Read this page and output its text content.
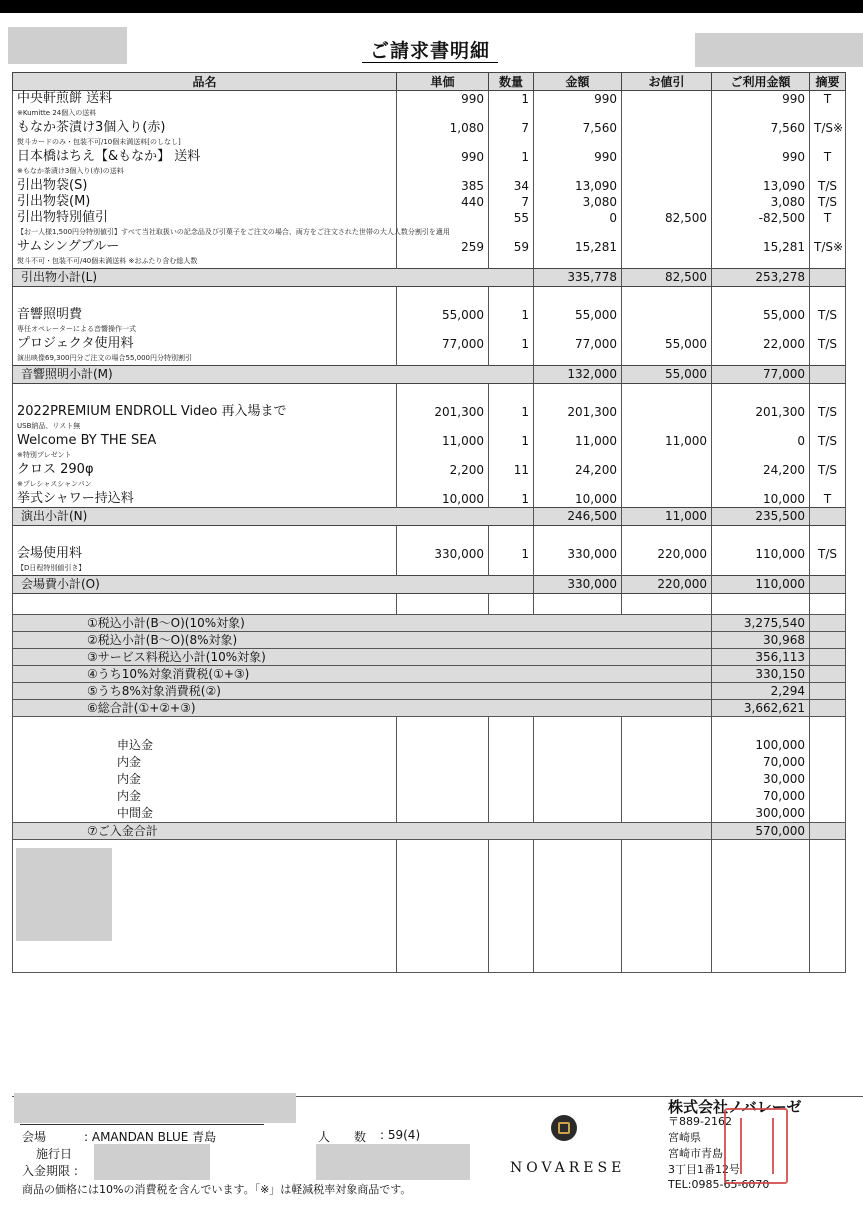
ご請求書明細
品名	単価	数量	金額	お値引	ご利用金額	摘要
中央軒煎餅 送料	990	1	990		990	T
※Kumitte 24個入の送料						
もなか茶漬け3個入り(赤)	1,080	7	7,560		7,560	T/S※
熨斗カードのみ・包装不可/10個未満送料[のしなし]						
日本橋はちえ【&もなか】 送料	990	1	990		990	T
※もなか茶漬け3個入り(赤)の送料						
引出物袋(S)	385	34	13,090		13,090	T/S
引出物袋(M)	440	7	3,080		3,080	T/S
引出物特別値引		55	0	82,500	-82,500	T
【お一人様1,500円分特別値引】すべて当社取扱いの記念品及び引菓子をご注文の場合、両方をご注文された世帯の大人人数分割引を適用						
サムシングブルー	259	59	15,281		15,281	T/S※
熨斗不可・包装不可/40個未満送料 ※おふたり含む総人数						
引出物小計(L)			335,778	82,500	253,278	

音響照明費	55,000	1	55,000		55,000	T/S
専任オペレーターによる音響操作一式						
プロジェクタ使用料	77,000	1	77,000	55,000	22,000	T/S
演出映像69,300円分ご注文の場合55,000円分特別割引						
音響照明小計(M)			132,000	55,000	77,000	

2022PREMIUM ENDROLL Video 再入場まで	201,300	1	201,300		201,300	T/S
USB納品、リスト無						
Welcome BY THE SEA	11,000	1	11,000	11,000	0	T/S
※特別プレゼント						
クロス 290φ	2,200	11	24,200		24,200	T/S
※プレシャスシャンパン						
挙式シャワー持込料	10,000	1	10,000		10,000	T
演出小計(N)			246,500	11,000	235,500	

会場使用料	330,000	1	330,000	220,000	110,000	T/S
【D日程特別値引き】						
会場費小計(O)			330,000	220,000	110,000	

①税込小計(B～O)(10%対象)					3,275,540	
②税込小計(B～O)(8%対象)					30,968	
③サービス料税込小計(10%対象)					356,113	
④うち10%対象消費税(①+③)					330,150	
⑤うち8%対象消費税(②)					2,294	
⑥総合計(①+②+③)					3,662,621	

申込金					100,000	
内金					70,000	
内金					30,000	
内金					70,000	
中間金					300,000	
⑦ご入金合計					570,000	

会場	: AMANDAN BLUE 青島	人　　数 : 59(4)
施行日
入金期限 :
商品の価格には10%の消費税を含んでいます。「※」は軽減税率対象商品です。
NOVARESE
株式会社ノバレーゼ
〒889-2162
宮崎県
宮崎市青島
3丁目1番12号
TEL:0985-65-6070
